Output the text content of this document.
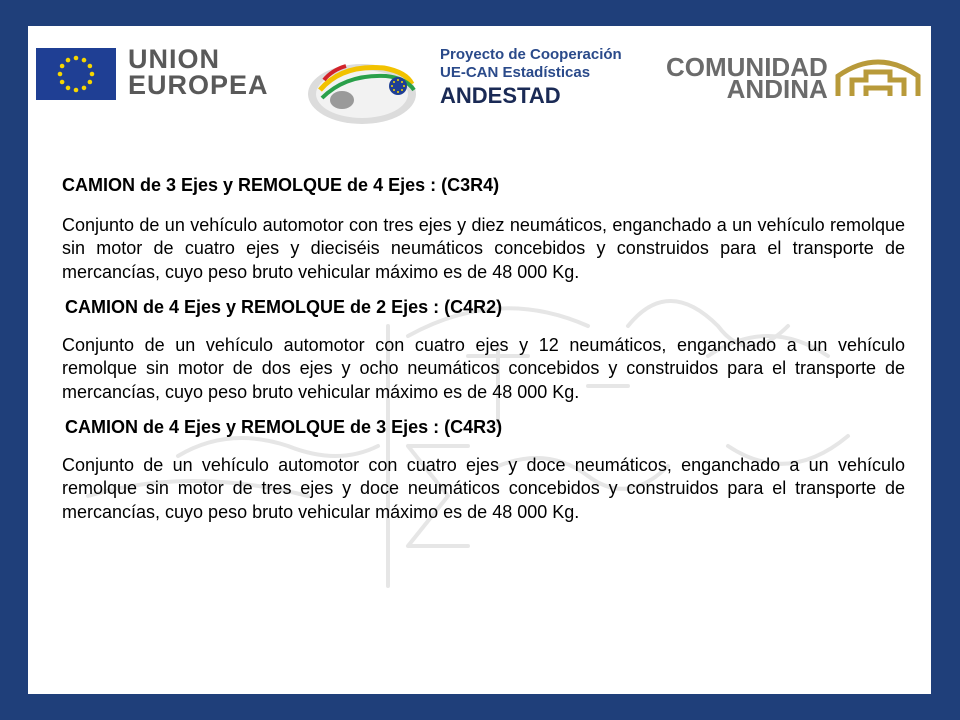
UNION
EUROPEA
Proyecto de Cooperación
UE-CAN Estadísticas
ANDESTAD
COMUNIDAD
ANDINA

CAMION de 3 Ejes y REMOLQUE de 4 Ejes : (C3R4)

Conjunto de un vehículo automotor con tres ejes y diez neumáticos, enganchado a un vehículo remolque sin motor de cuatro ejes y dieciséis neumáticos concebidos y construidos para el transporte de mercancías, cuyo peso bruto vehicular máximo es de 48 000 Kg.

CAMION de 4 Ejes y REMOLQUE de 2 Ejes : (C4R2)

Conjunto de un vehículo automotor con cuatro ejes y 12 neumáticos, enganchado a un vehículo remolque sin motor de dos ejes y ocho neumáticos concebidos y construidos para el transporte de mercancías, cuyo peso bruto vehicular máximo es de 48 000 Kg.

CAMION de 4 Ejes y REMOLQUE de 3 Ejes : (C4R3)

Conjunto de un vehículo automotor con cuatro ejes y doce neumáticos, enganchado a un vehículo remolque sin motor de tres ejes y doce neumáticos concebidos y construidos para el transporte de mercancías, cuyo peso bruto vehicular máximo es de 48 000 Kg.
